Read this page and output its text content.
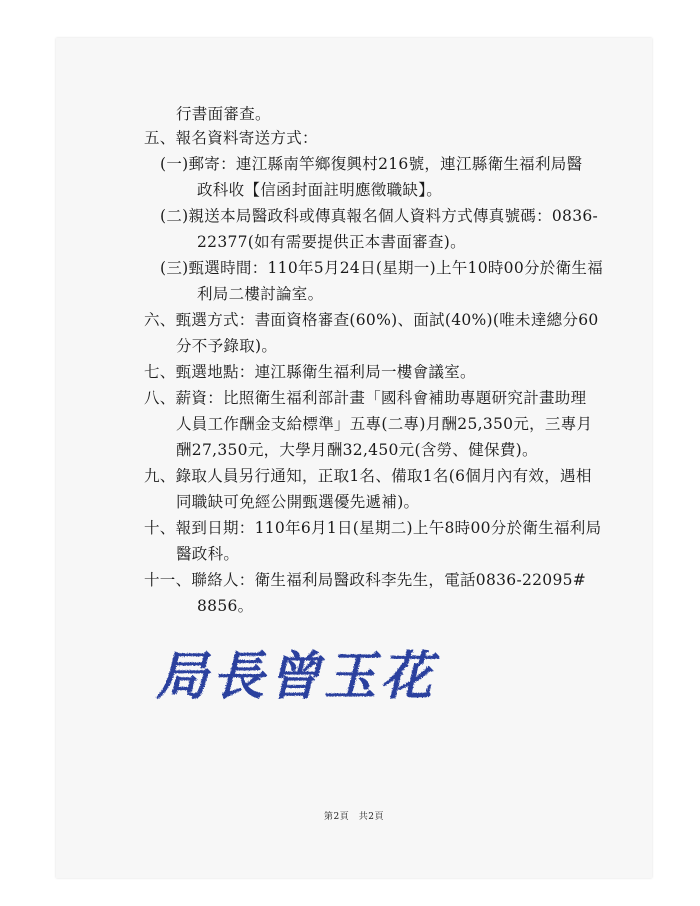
行書面審查。
五、報名資料寄送方式：
(一)郵寄：連江縣南竿鄉復興村216號，連江縣衛生福利局醫
政科收【信函封面註明應徵職缺】。
(二)親送本局醫政科或傳真報名個人資料方式傳真號碼：0836-
22377(如有需要提供正本書面審查)。
(三)甄選時間：110年5月24日(星期一)上午10時00分於衛生福
利局二樓討論室。
六、甄選方式：書面資格審查(60%)、面試(40%)(唯未達總分60
分不予錄取)。
七、甄選地點：連江縣衛生福利局一樓會議室。
八、薪資：比照衛生福利部計畫「國科會補助專題研究計畫助理
人員工作酬金支給標準」五專(二專)月酬25,350元，三專月
酬27,350元，大學月酬32,450元(含勞、健保費)。
九、錄取人員另行通知，正取1名、備取1名(6個月內有效，遇相
同職缺可免經公開甄選優先遞補)。
十、報到日期：110年6月1日(星期二)上午8時00分於衛生福利局
醫政科。
十一、聯絡人：衛生福利局醫政科李先生，電話0836-22095#
8856。
局長曾玉花
第2頁　共2頁
